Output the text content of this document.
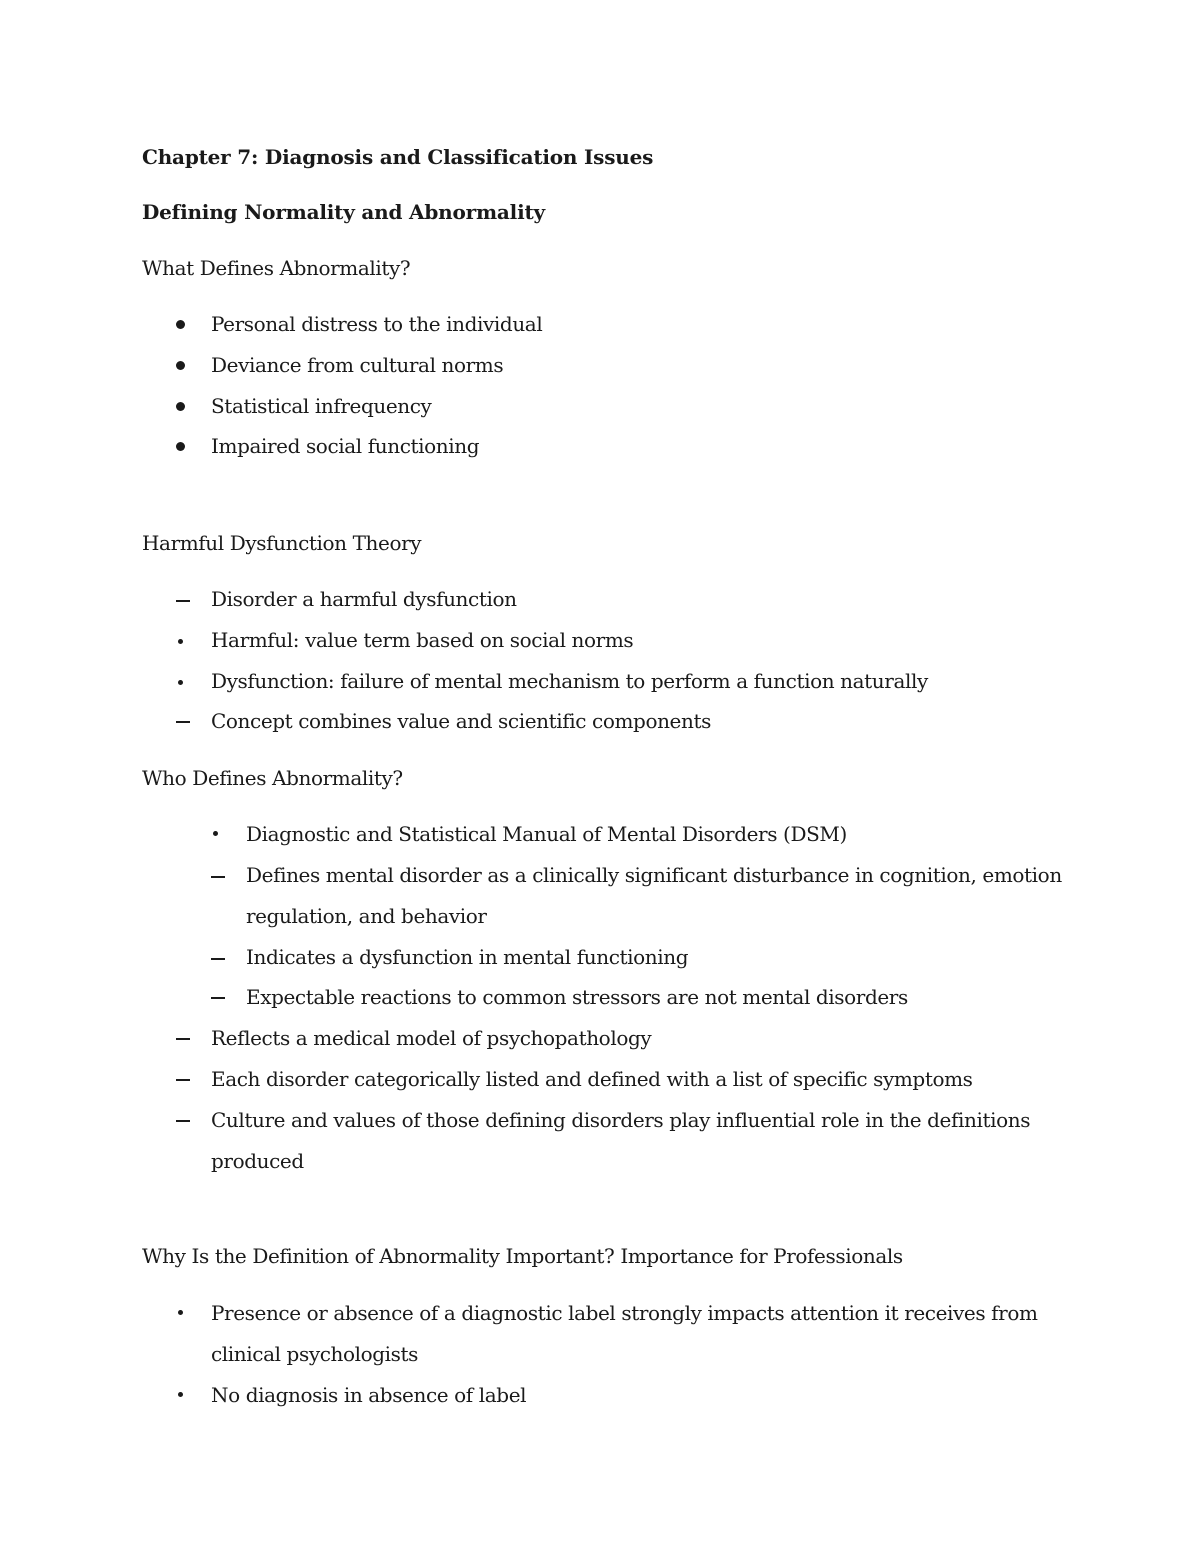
Chapter 7: Diagnosis and Classification Issues
Defining Normality and Abnormality
What Defines Abnormality?
Personal distress to the individual
Deviance from cultural norms
Statistical infrequency
Impaired social functioning
Harmful Dysfunction Theory
Disorder a harmful dysfunction
Harmful: value term based on social norms
Dysfunction: failure of mental mechanism to perform a function naturally
Concept combines value and scientific components
Who Defines Abnormality?
Diagnostic and Statistical Manual of Mental Disorders (DSM)
Defines mental disorder as a clinically significant disturbance in cognition, emotion
regulation, and behavior
Indicates a dysfunction in mental functioning
Expectable reactions to common stressors are not mental disorders
Reflects a medical model of psychopathology
Each disorder categorically listed and defined with a list of specific symptoms
Culture and values of those defining disorders play influential role in the definitions
produced
Why Is the Definition of Abnormality Important? Importance for Professionals
Presence or absence of a diagnostic label strongly impacts attention it receives from
clinical psychologists
No diagnosis in absence of label
